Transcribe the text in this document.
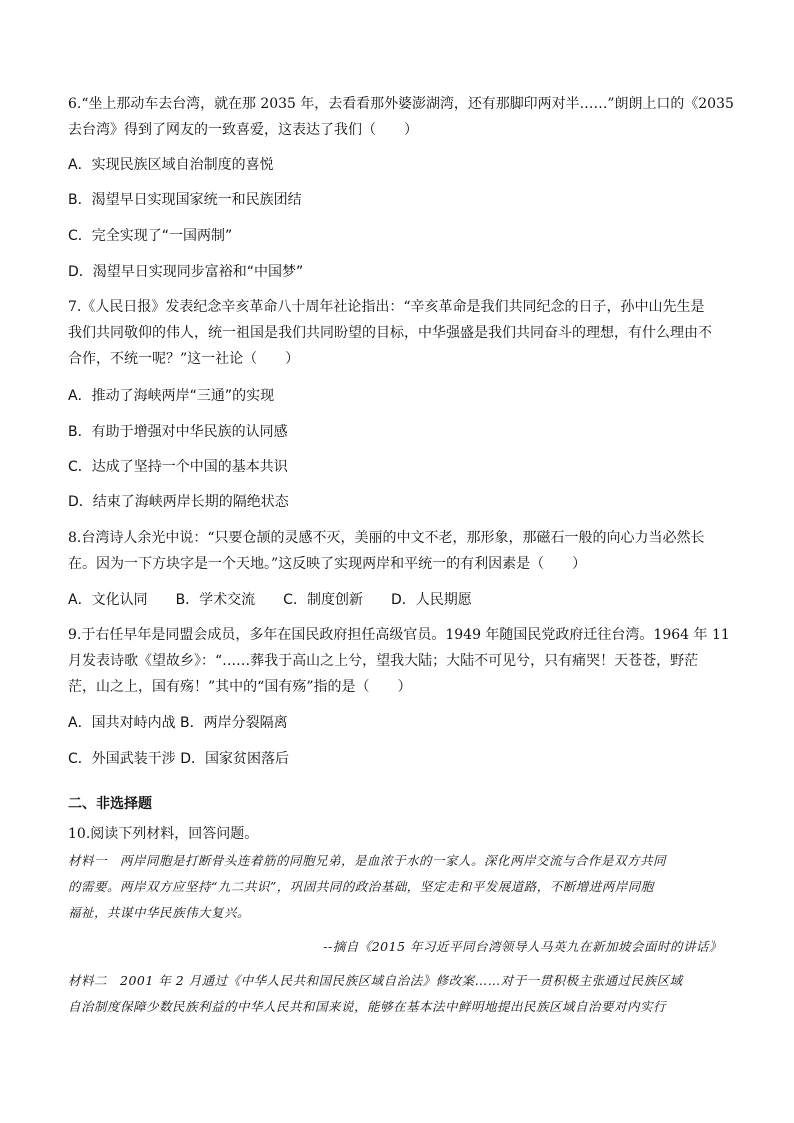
6.“坐上那动车去台湾，就在那 2035 年，去看看那外婆澎湖湾，还有那脚印两对半……”朗朗上口的《2035
去台湾》得到了网友的一致喜爱，这表达了我们（　　）
A．实现民族区域自治制度的喜悦
B．渴望早日实现国家统一和民族团结
C．完全实现了“一国两制”
D．渴望早日实现同步富裕和“中国梦”
7.《人民日报》发表纪念辛亥革命八十周年社论指出：“辛亥革命是我们共同纪念的日子，孙中山先生是
我们共同敬仰的伟人，统一祖国是我们共同盼望的目标，中华强盛是我们共同奋斗的理想，有什么理由不
合作，不统一呢？”这一社论（　　）
A．推动了海峡两岸“三通”的实现
B．有助于增强对中华民族的认同感
C．达成了坚持一个中国的基本共识
D．结束了海峡两岸长期的隔绝状态
8.台湾诗人余光中说：“只要仓颉的灵感不灭，美丽的中文不老，那形象，那磁石一般的向心力当必然长
在。因为一下方块字是一个天地。”这反映了实现两岸和平统一的有利因素是（　　）
A．文化认同　　B．学术交流　　C．制度创新　　D．人民期愿
9.于右任早年是同盟会成员，多年在国民政府担任高级官员。1949 年随国民党政府迁往台湾。1964 年 11
月发表诗歌《望故乡》：“……葬我于高山之上兮，望我大陆；大陆不可见兮，只有痛哭！天苍苍，野茫
茫，山之上，国有殇！”其中的“国有殇”指的是（　　）
A．国共对峙内战 B．两岸分裂隔离
C．外国武装干涉 D．国家贫困落后
二、非选择题
10.阅读下列材料，回答问题。
材料一　两岸同胞是打断骨头连着筋的同胞兄弟，是血浓于水的一家人。深化两岸交流与合作是双方共同
的需要。两岸双方应坚持“九二共识”，巩固共同的政治基础，坚定走和平发展道路，不断增进两岸同胞
福祉，共谋中华民族伟大复兴。
--摘自《2015 年习近平同台湾领导人马英九在新加坡会面时的讲话》
材料二　2001 年 2 月通过《中华人民共和国民族区域自治法》修改案……对于一贯积极主张通过民族区域
自治制度保障少数民族利益的中华人民共和国来说，能够在基本法中鲜明地提出民族区域自治要对内实行
